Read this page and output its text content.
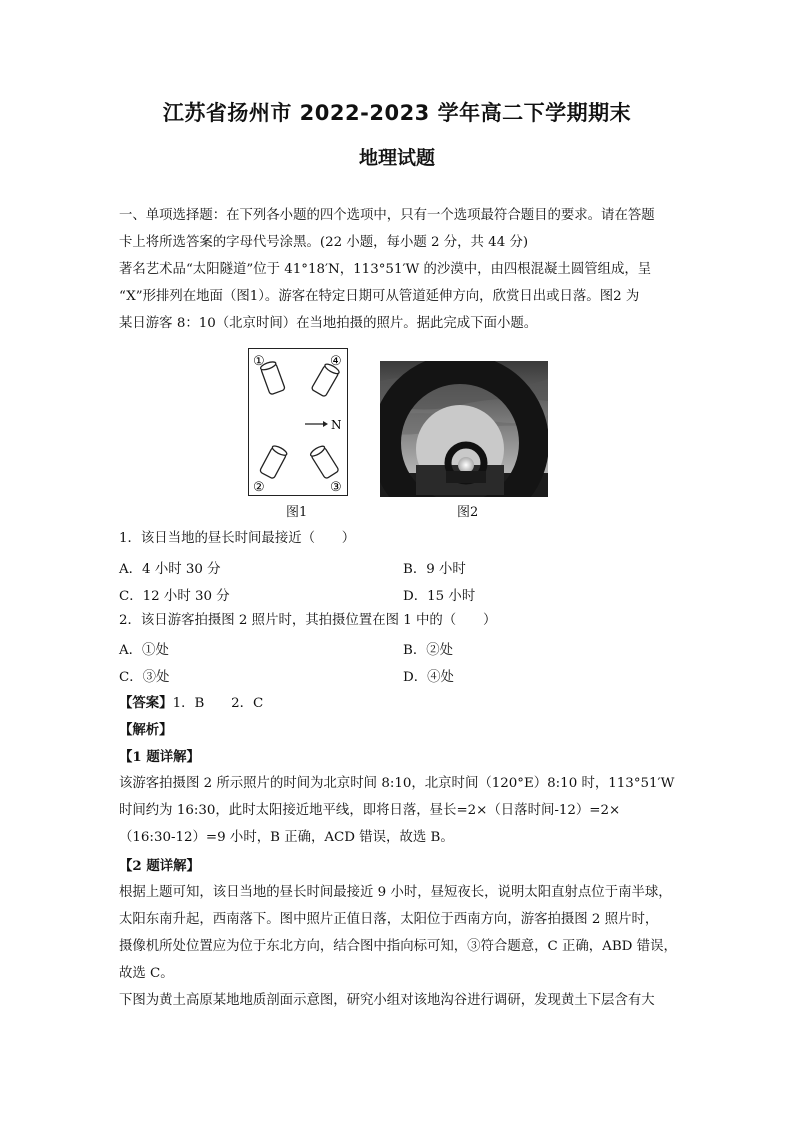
江苏省扬州市 2022-2023 学年高二下学期期末
地理试题
一、单项选择题：在下列各小题的四个选项中，只有一个选项最符合题目的要求。请在答题
卡上将所选答案的字母代号涂黑。(22 小题，每小题 2 分，共 44 分)
著名艺术品“太阳隧道”位于 41°18′N，113°51′W 的沙漠中，由四根混凝土圆管组成，呈
“X”形排列在地面（图1）。游客在特定日期可从管道延伸方向，欣赏日出或日落。图2 为
某日游客 8：10（北京时间）在当地拍摄的照片。据此完成下面小题。
①	④
②	③
N
图1	图2
1．该日当地的昼长时间最接近（　　）
A．4 小时 30 分	B．9 小时
C．12 小时 30 分	D．15 小时
2．该日游客拍摄图 2 照片时，其拍摄位置在图 1 中的（　　）
A．①处	B．②处
C．③处	D．④处
【答案】1．B　　2．C
【解析】
【1 题详解】
该游客拍摄图 2 所示照片的时间为北京时间 8:10，北京时间（120°E）8:10 时，113°51′W
时间约为 16:30，此时太阳接近地平线，即将日落，昼长=2×（日落时间-12）=2×
（16:30-12）=9 小时，B 正确，ACD 错误，故选 B。
【2 题详解】
根据上题可知，该日当地的昼长时间最接近 9 小时，昼短夜长，说明太阳直射点位于南半球，
太阳东南升起，西南落下。图中照片正值日落，太阳位于西南方向，游客拍摄图 2 照片时，
摄像机所处位置应为位于东北方向，结合图中指向标可知，③符合题意，C 正确，ABD 错误，
故选 C。
下图为黄土高原某地地质剖面示意图，研究小组对该地沟谷进行调研，发现黄土下层含有大
